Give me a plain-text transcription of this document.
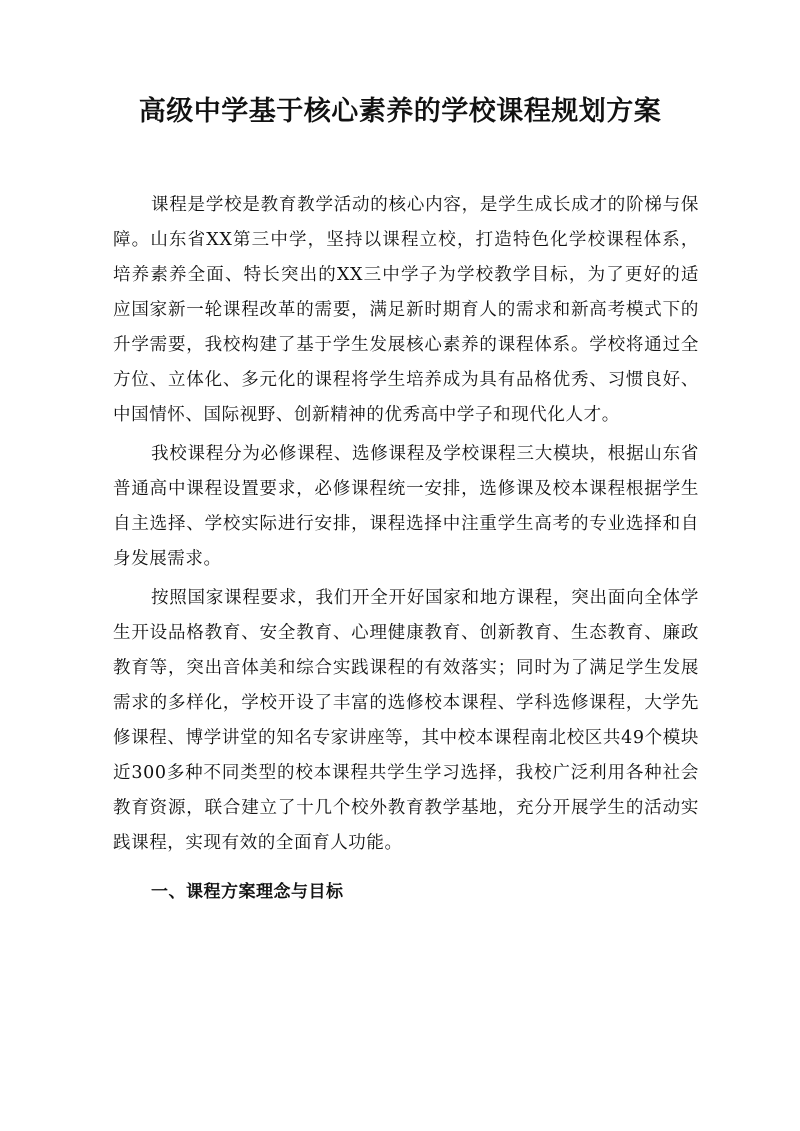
高级中学基于核心素养的学校课程规划方案

课程是学校是教育教学活动的核心内容，是学生成长成才的阶梯与保障。山东省XX第三中学，坚持以课程立校，打造特色化学校课程体系，培养素养全面、特长突出的XX三中学子为学校教学目标，为了更好的适应国家新一轮课程改革的需要，满足新时期育人的需求和新高考模式下的升学需要，我校构建了基于学生发展核心素养的课程体系。学校将通过全方位、立体化、多元化的课程将学生培养成为具有品格优秀、习惯良好、中国情怀、国际视野、创新精神的优秀高中学子和现代化人才。

我校课程分为必修课程、选修课程及学校课程三大模块，根据山东省普通高中课程设置要求，必修课程统一安排，选修课及校本课程根据学生自主选择、学校实际进行安排，课程选择中注重学生高考的专业选择和自身发展需求。

按照国家课程要求，我们开全开好国家和地方课程，突出面向全体学生开设品格教育、安全教育、心理健康教育、创新教育、生态教育、廉政教育等，突出音体美和综合实践课程的有效落实；同时为了满足学生发展需求的多样化，学校开设了丰富的选修校本课程、学科选修课程，大学先修课程、博学讲堂的知名专家讲座等，其中校本课程南北校区共49个模块近300多种不同类型的校本课程共学生学习选择，我校广泛利用各种社会教育资源，联合建立了十几个校外教育教学基地，充分开展学生的活动实践课程，实现有效的全面育人功能。

一、课程方案理念与目标
